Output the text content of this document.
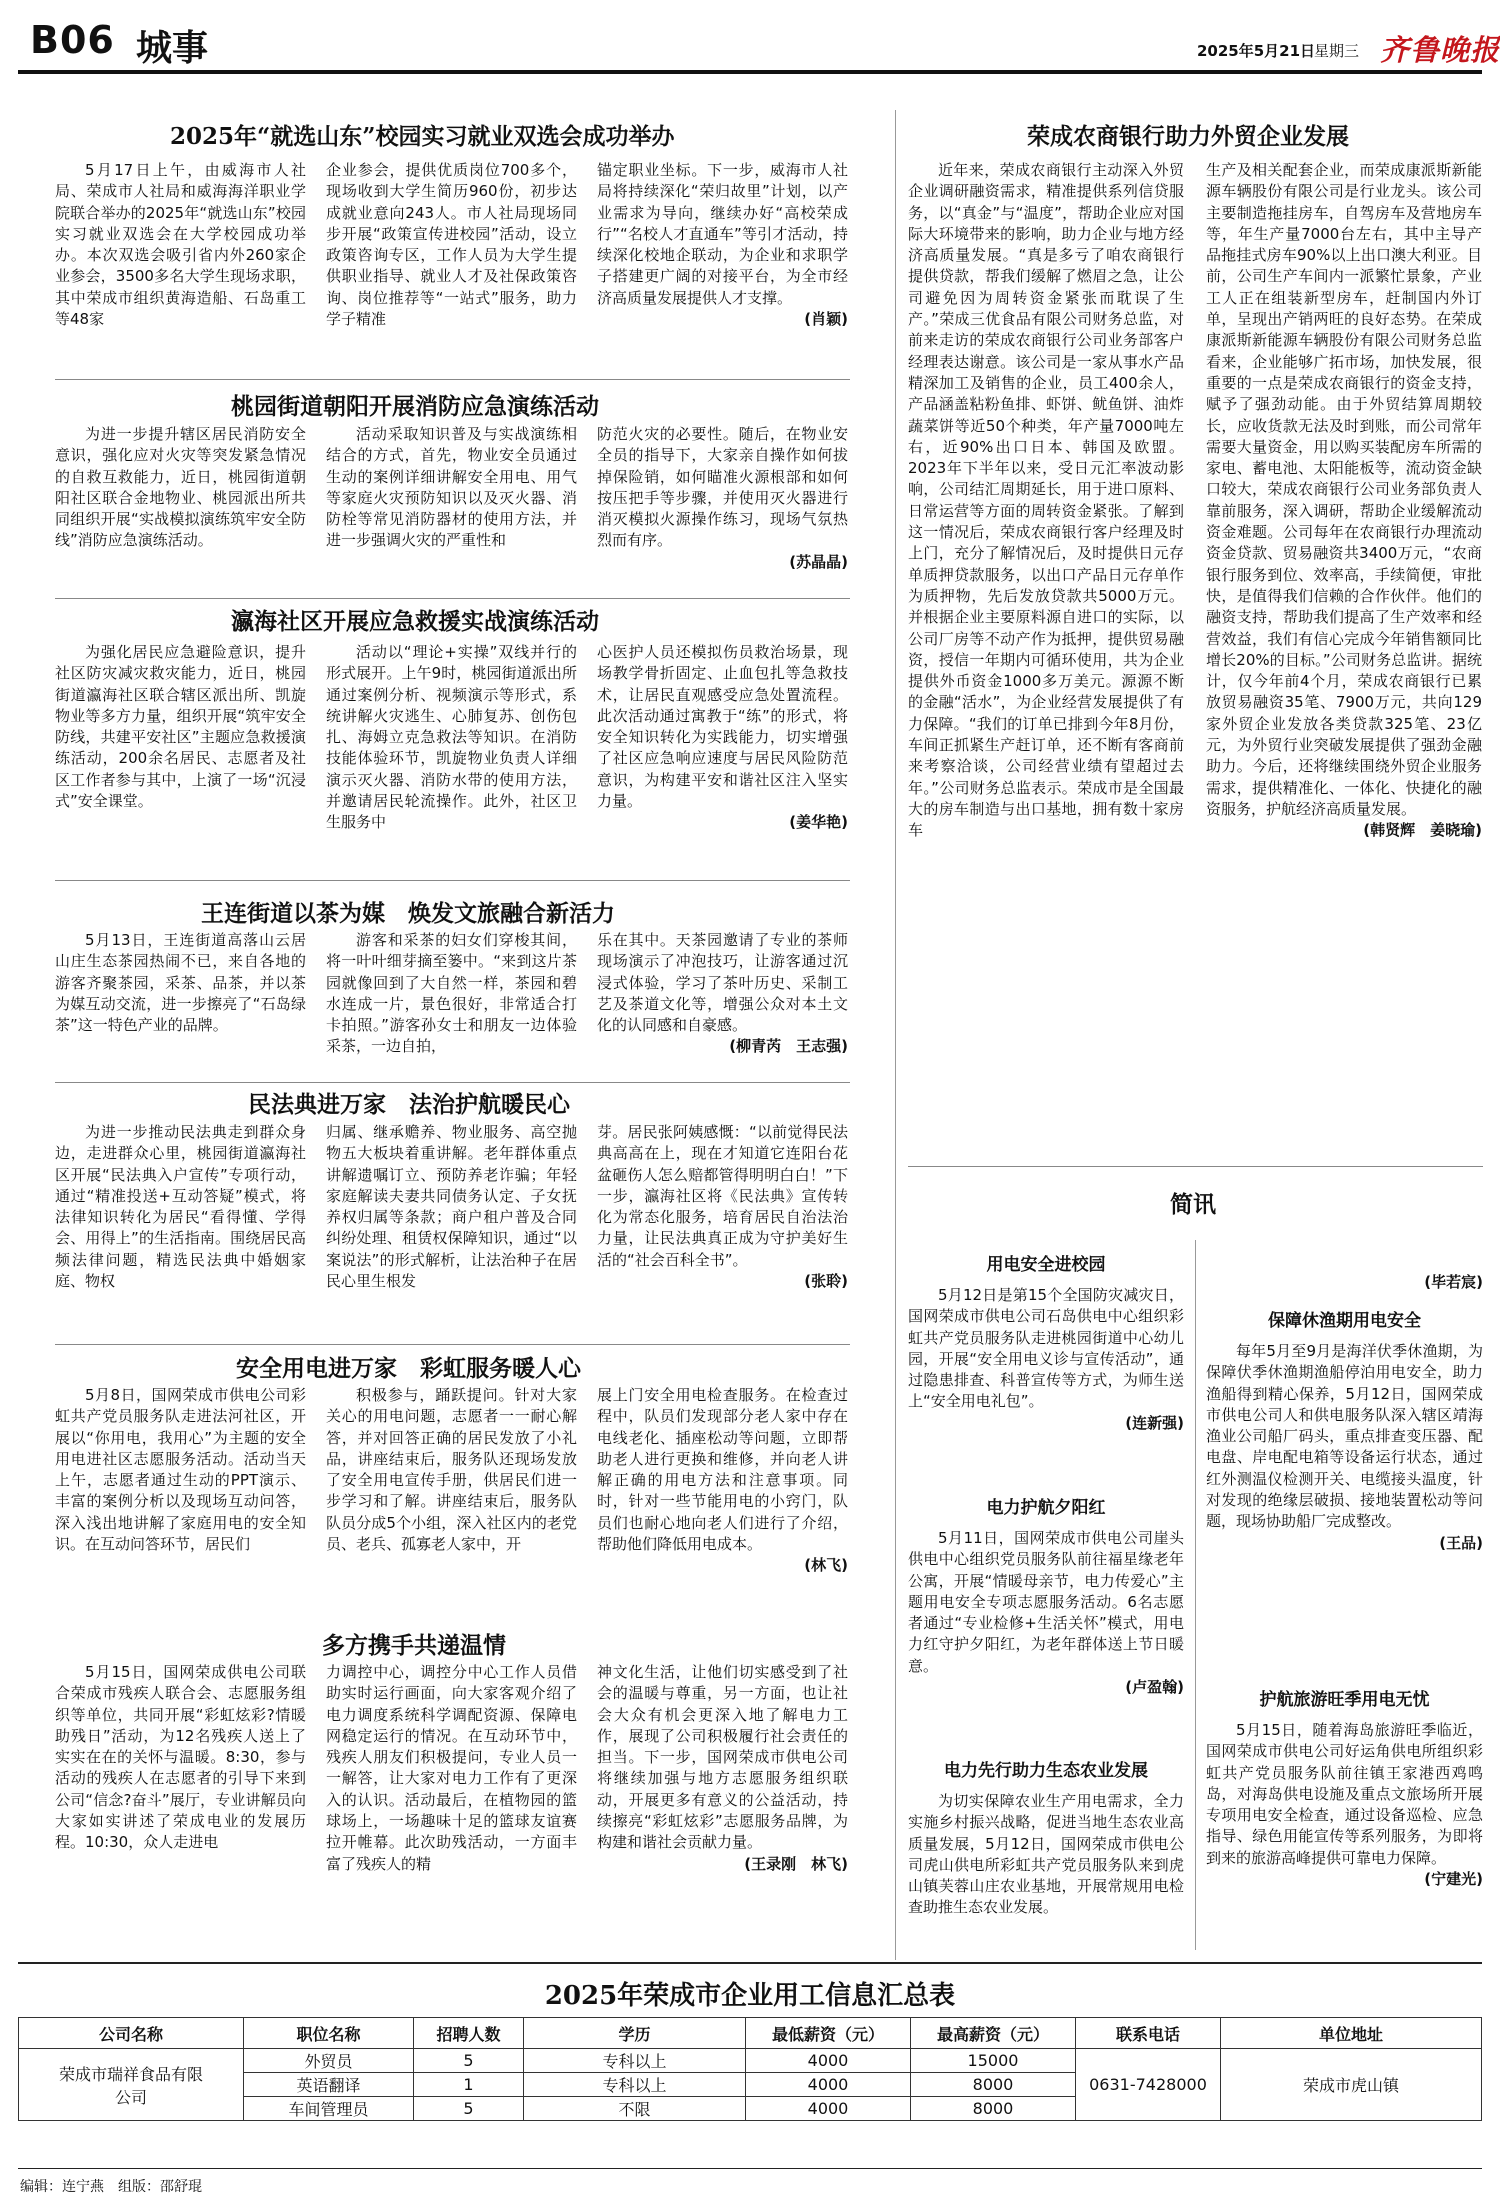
B06 城事	2025年5月21日
星期三 齐鲁晚报
2025年“就选山东”校园实习就业双选会成功举办

5月17日上午，由威海市人社局、荣成市人社局和威海海洋职业学院联合举办的2025年“就选山东”校园实习就业双选会在大学校园成功举办。本次双选会吸引省内外260家企业参会，3500多名大学生现场求职，其中荣成市组织黄海造船、石岛重工等48家

企业参会，提供优质岗位700多个，现场收到大学生简历960份，初步达成就业意向243人。市人社局现场同步开展“政策宣传进校园”活动，设立政策咨询专区，工作人员为大学生提供职业指导、就业人才及社保政策咨询、岗位推荐等“一站式”服务，助力学子精准

锚定职业坐标。下一步，威海市人社局将持续深化“荣归故里”计划，以产业需求为导向，继续办好“高校荣成行”“名校人才直通车”等引才活动，持续深化校地企联动，为企业和求职学子搭建更广阔的对接平台，为全市经济高质量发展提供人才支撑。

(肖颖)
桃园街道朝阳开展消防应急演练活动

为进一步提升辖区居民消防安全意识，强化应对火灾等突发紧急情况的自救互救能力，近日，桃园街道朝阳社区联合金地物业、桃园派出所共同组织开展“实战模拟演练筑牢安全防线”消防应急演练活动。

活动采取知识普及与实战演练相结合的方式，首先，物业安全员通过生动的案例详细讲解安全用电、用气等家庭火灾预防知识以及灭火器、消防栓等常见消防器材的使用方法，并进一步强调火灾的严重性和

防范火灾的必要性。随后，在物业安全员的指导下，大家亲自操作如何拔掉保险销，如何瞄准火源根部和如何按压把手等步骤，并使用灭火器进行消灭模拟火源操作练习，现场气氛热烈而有序。

(苏晶晶)
瀛海社区开展应急救援实战演练活动

为强化居民应急避险意识，提升社区防灾减灾救灾能力，近日，桃园街道瀛海社区联合辖区派出所、凯旋物业等多方力量，组织开展“筑牢安全防线，共建平安社区”主题应急救援演练活动，200余名居民、志愿者及社区工作者参与其中，上演了一场“沉浸式”安全课堂。

活动以“理论+实操”双线并行的形式展开。上午9时，桃园街道派出所通过案例分析、视频演示等形式，系统讲解火灾逃生、心肺复苏、创伤包扎、海姆立克急救法等知识。在消防技能体验环节，凯旋物业负责人详细演示灭火器、消防水带的使用方法，并邀请居民轮流操作。此外，社区卫生服务中

心医护人员还模拟伤员救治场景，现场教学骨折固定、止血包扎等急救技术，让居民直观感受应急处置流程。此次活动通过寓教于“练”的形式，将安全知识转化为实践能力，切实增强了社区应急响应速度与居民风险防范意识，为构建平安和谐社区注入坚实力量。

(姜华艳)
王连街道以茶为媒　焕发文旅融合新活力

5月13日，王连街道高落山云居山庄生态茶园热闹不已，来自各地的游客齐聚茶园，采茶、品茶，并以茶为媒互动交流，进一步擦亮了“石岛绿茶”这一特色产业的品牌。

游客和采茶的妇女们穿梭其间，将一叶叶细芽摘至篓中。“来到这片茶园就像回到了大自然一样，茶园和碧水连成一片，景色很好，非常适合打卡拍照。”游客孙女士和朋友一边体验采茶，一边自拍，

乐在其中。天茶园邀请了专业的茶师现场演示了冲泡技巧，让游客通过沉浸式体验，学习了茶叶历史、采制工艺及茶道文化等，增强公众对本土文化的认同感和自豪感。

(柳青芮　王志强)
民法典进万家　法治护航暖民心

为进一步推动民法典走到群众身边，走进群众心里，桃园街道瀛海社区开展“民法典入户宣传”专项行动，通过“精准投送+互动答疑”模式，将法律知识转化为居民“看得懂、学得会、用得上”的生活指南。围绕居民高频法律问题，精选民法典中婚姻家庭、物权

归属、继承赡养、物业服务、高空抛物五大板块着重讲解。老年群体重点讲解遗嘱订立、预防养老诈骗；年轻家庭解读夫妻共同债务认定、子女抚养权归属等条款；商户租户普及合同纠纷处理、租赁权保障知识，通过“以案说法”的形式解析，让法治种子在居民心里生根发

芽。居民张阿姨感慨：“以前觉得民法典高高在上，现在才知道它连阳台花盆砸伤人怎么赔都管得明明白白！”下一步，瀛海社区将《民法典》宣传转化为常态化服务，培育居民自治法治力量，让民法典真正成为守护美好生活的“社会百科全书”。

(张聆)
安全用电进万家　彩虹服务暖人心

5月8日，国网荣成市供电公司彩虹共产党员服务队走进法河社区，开展以“你用电，我用心”为主题的安全用电进社区志愿服务活动。活动当天上午，志愿者通过生动的PPT演示、丰富的案例分析以及现场互动问答，深入浅出地讲解了家庭用电的安全知识。在互动问答环节，居民们

积极参与，踊跃提问。针对大家关心的用电问题，志愿者一一耐心解答，并对回答正确的居民发放了小礼品，讲座结束后，服务队还现场发放了安全用电宣传手册，供居民们进一步学习和了解。讲座结束后，服务队队员分成5个小组，深入社区内的老党员、老兵、孤寡老人家中，开

展上门安全用电检查服务。在检查过程中，队员们发现部分老人家中存在电线老化、插座松动等问题，立即帮助老人进行更换和维修，并向老人讲解正确的用电方法和注意事项。同时，针对一些节能用电的小窍门，队员们也耐心地向老人们进行了介绍，帮助他们降低用电成本。

(林飞)
多方携手共递温情

5月15日，国网荣成供电公司联合荣成市残疾人联合会、志愿服务组织等单位，共同开展“彩虹炫彩?情暖助残日”活动，为12名残疾人送上了实实在在的关怀与温暖。8:30，参与活动的残疾人在志愿者的引导下来到公司“信念?奋斗”展厅，专业讲解员向大家如实讲述了荣成电业的发展历程。10:30，众人走进电

力调控中心，调控分中心工作人员借助实时运行画面，向大家客观介绍了电力调度系统科学调配资源、保障电网稳定运行的情况。在互动环节中，残疾人朋友们积极提问，专业人员一一解答，让大家对电力工作有了更深入的认识。活动最后，在植物园的篮球场上，一场趣味十足的篮球友谊赛拉开帷幕。此次助残活动，一方面丰富了残疾人的精

神文化生活，让他们切实感受到了社会的温暖与尊重，另一方面，也让社会大众有机会更深入地了解电力工作，展现了公司积极履行社会责任的担当。下一步，国网荣成市供电公司将继续加强与地方志愿服务组织联动，开展更多有意义的公益活动，持续擦亮“彩虹炫彩”志愿服务品牌，为构建和谐社会贡献力量。

(王录刚　林飞)
荣成农商银行助力外贸企业发展

近年来，荣成农商银行主动深入外贸企业调研融资需求，精准提供系列信贷服务，以“真金”与“温度”，帮助企业应对国际大环境带来的影响，助力企业与地方经济高质量发展。“真是多亏了咱农商银行提供贷款，帮我们缓解了燃眉之急，让公司避免因为周转资金紧张而耽误了生产。”荣成三优食品有限公司财务总监，对前来走访的荣成农商银行公司业务部客户经理表达谢意。该公司是一家从事水产品精深加工及销售的企业，员工400余人，产品涵盖粘粉鱼排、虾饼、鱿鱼饼、油炸蔬菜饼等近50个种类，年产量7000吨左右，近90%出口日本、韩国及欧盟。2023年下半年以来，受日元汇率波动影响，公司结汇周期延长，用于进口原料、日常运营等方面的周转资金紧张。了解到这一情况后，荣成农商银行客户经理及时上门，充分了解情况后，及时提供日元存单质押贷款服务，以出口产品日元存单作为质押物，先后发放贷款共5000万元。并根据企业主要原料源自进口的实际，以公司厂房等不动产作为抵押，提供贸易融资，授信一年期内可循环使用，共为企业提供外币资金1000多万美元。源源不断的金融“活水”，为企业经营发展提供了有力保障。“我们的订单已排到今年8月份，车间正抓紧生产赶订单，还不断有客商前来考察洽谈，公司经营业绩有望超过去年。”公司财务总监表示。荣成市是全国最大的房车制造与出口基地，拥有数十家房车

生产及相关配套企业，而荣成康派斯新能源车辆股份有限公司是行业龙头。该公司主要制造拖挂房车，自驾房车及营地房车等，年生产量7000台左右，其中主导产品拖挂式房车90%以上出口澳大利亚。目前，公司生产车间内一派繁忙景象，产业工人正在组装新型房车，赶制国内外订单，呈现出产销两旺的良好态势。在荣成康派斯新能源车辆股份有限公司财务总监看来，企业能够广拓市场，加快发展，很重要的一点是荣成农商银行的资金支持，赋予了强劲动能。由于外贸结算周期较长，应收货款无法及时到账，而公司常年需要大量资金，用以购买装配房车所需的家电、蓄电池、太阳能板等，流动资金缺口较大，荣成农商银行公司业务部负责人靠前服务，深入调研，帮助企业缓解流动资金难题。公司每年在农商银行办理流动资金贷款、贸易融资共3400万元，“农商银行服务到位、效率高，手续简便，审批快，是值得我们信赖的合作伙伴。他们的融资支持，帮助我们提高了生产效率和经营效益，我们有信心完成今年销售额同比增长20%的目标。”公司财务总监讲。据统计，仅今年前4个月，荣成农商银行已累放贸易融资35笔、7900万元，共向129家外贸企业发放各类贷款325笔、23亿元，为外贸行业突破发展提供了强劲金融助力。今后，还将继续围绕外贸企业服务需求，提供精准化、一体化、快捷化的融资服务，护航经济高质量发展。

(韩贤辉　姜晓瑜)
简讯
用电安全进校园

5月12日是第15个全国防灾减灾日，国网荣成市供电公司石岛供电中心组织彩虹共产党员服务队走进桃园街道中心幼儿园，开展“安全用电义诊与宣传活动”，通过隐患排查、科普宣传等方式，为师生送上“安全用电礼包”。

(连新强)
电力护航夕阳红

5月11日，国网荣成市供电公司崖头供电中心组织党员服务队前往福星缘老年公寓，开展“情暖母亲节，电力传爱心”主题用电安全专项志愿服务活动。6名志愿者通过“专业检修+生活关怀”模式，用电力红守护夕阳红，为老年群体送上节日暖意。

(卢盈翰)
电力先行助力生态农业发展

为切实保障农业生产用电需求，全力实施乡村振兴战略，促进当地生态农业高质量发展，5月12日，国网荣成市供电公司虎山供电所彩虹共产党员服务队来到虎山镇芙蓉山庄农业基地，开展常规用电检查助推生态农业发展。

(毕若宸)
保障休渔期用电安全

每年5月至9月是海洋伏季休渔期，为保障伏季休渔期渔船停泊用电安全，助力渔船得到精心保养，5月12日，国网荣成市供电公司人和供电服务队深入辖区靖海渔业公司船厂码头，重点排查变压器、配电盘、岸电配电箱等设备运行状态，通过红外测温仪检测开关、电缆接头温度，针对发现的绝缘层破损、接地装置松动等问题，现场协助船厂完成整改。

(王品)
护航旅游旺季用电无忧

5月15日，随着海岛旅游旺季临近，国网荣成市供电公司好运角供电所组织彩虹共产党员服务队前往镇王家港西鸡鸣岛，对海岛供电设施及重点文旅场所开展专项用电安全检查，通过设备巡检、应急指导、绿色用能宣传等系列服务，为即将到来的旅游高峰提供可靠电力保障。

(宁建光)
2025年荣成市企业用工信息汇总表
公司名称	职位名称	招聘人数	学历	最低薪资（元）	最高薪资（元）	联系电话	单位地址
荣成市瑞祥食品有限公司	外贸员	5	专科以上	4000	15000	0631-7428000	荣成市虎山镇
	英语翻译	1	专科以上	4000	8000		
	车间管理员	5	不限	4000	8000		
编辑：连宁燕　组版：邵舒琨
